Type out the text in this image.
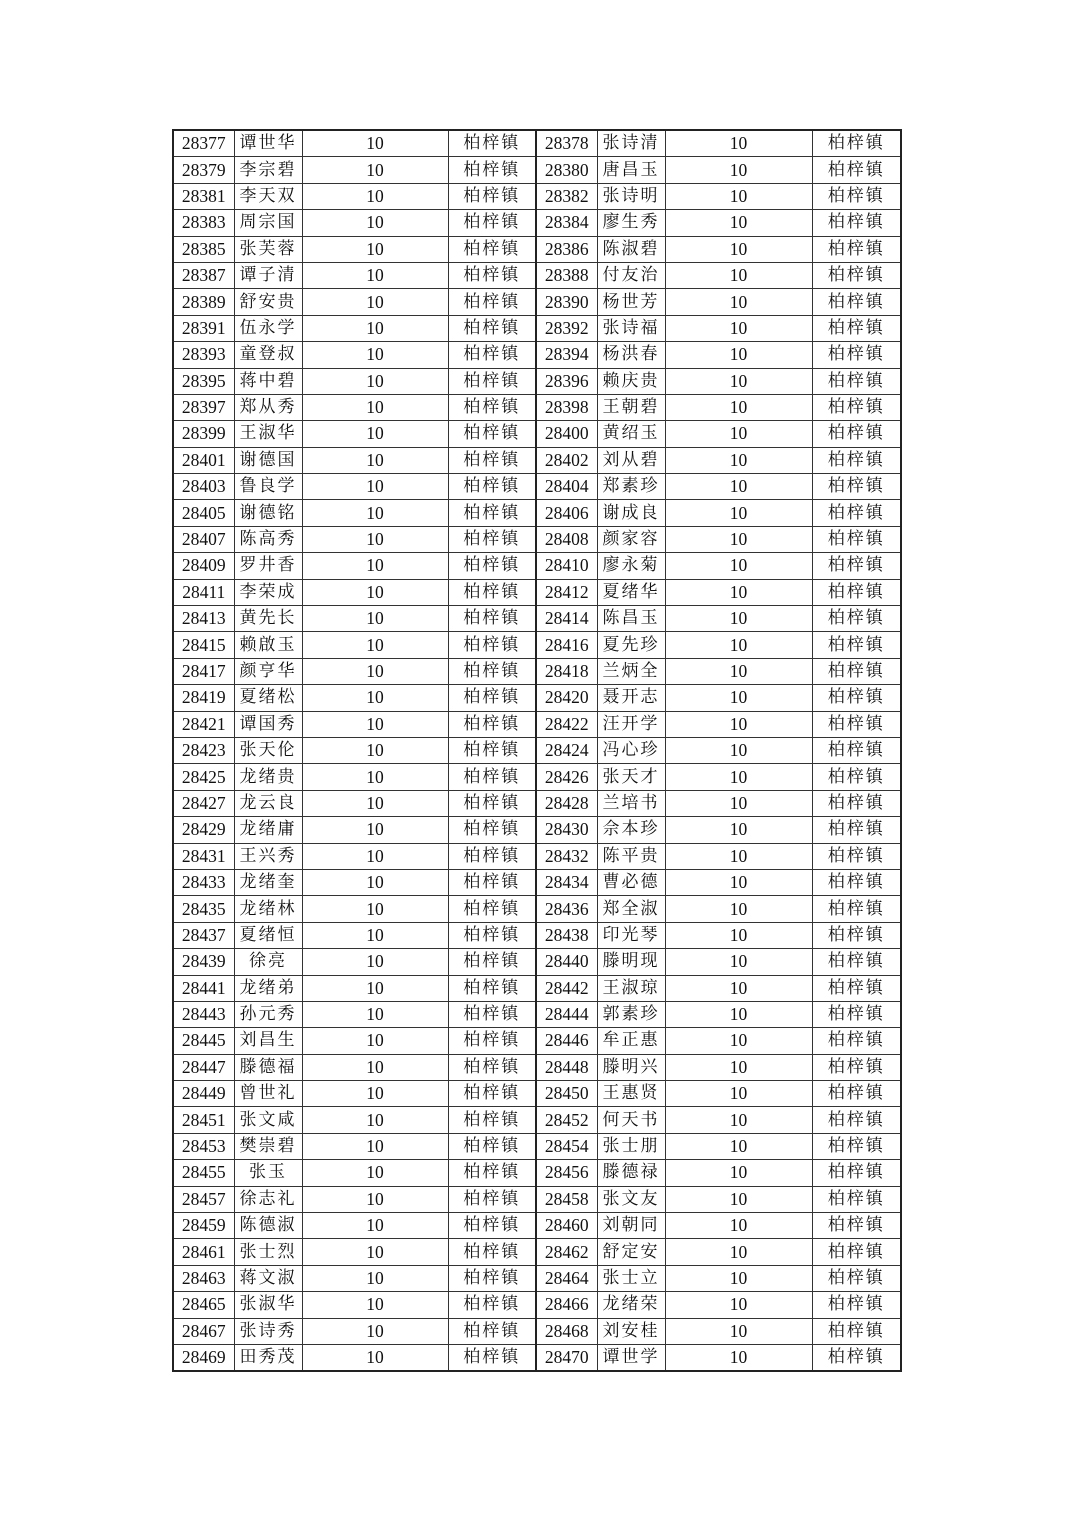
28377	谭世华	10	柏梓镇	28378	张诗清	10	柏梓镇
28379	李宗碧	10	柏梓镇	28380	唐昌玉	10	柏梓镇
28381	李天双	10	柏梓镇	28382	张诗明	10	柏梓镇
28383	周宗国	10	柏梓镇	28384	廖生秀	10	柏梓镇
28385	张芙蓉	10	柏梓镇	28386	陈淑碧	10	柏梓镇
28387	谭子清	10	柏梓镇	28388	付友治	10	柏梓镇
28389	舒安贵	10	柏梓镇	28390	杨世芳	10	柏梓镇
28391	伍永学	10	柏梓镇	28392	张诗福	10	柏梓镇
28393	童登叔	10	柏梓镇	28394	杨洪春	10	柏梓镇
28395	蒋中碧	10	柏梓镇	28396	赖庆贵	10	柏梓镇
28397	郑从秀	10	柏梓镇	28398	王朝碧	10	柏梓镇
28399	王淑华	10	柏梓镇	28400	黄绍玉	10	柏梓镇
28401	谢德国	10	柏梓镇	28402	刘从碧	10	柏梓镇
28403	鲁良学	10	柏梓镇	28404	郑素珍	10	柏梓镇
28405	谢德铭	10	柏梓镇	28406	谢成良	10	柏梓镇
28407	陈高秀	10	柏梓镇	28408	颜家容	10	柏梓镇
28409	罗井香	10	柏梓镇	28410	廖永菊	10	柏梓镇
28411	李荣成	10	柏梓镇	28412	夏绪华	10	柏梓镇
28413	黄先长	10	柏梓镇	28414	陈昌玉	10	柏梓镇
28415	赖啟玉	10	柏梓镇	28416	夏先珍	10	柏梓镇
28417	颜亨华	10	柏梓镇	28418	兰炳全	10	柏梓镇
28419	夏绪松	10	柏梓镇	28420	聂开志	10	柏梓镇
28421	谭国秀	10	柏梓镇	28422	汪开学	10	柏梓镇
28423	张天伦	10	柏梓镇	28424	冯心珍	10	柏梓镇
28425	龙绪贵	10	柏梓镇	28426	张天才	10	柏梓镇
28427	龙云良	10	柏梓镇	28428	兰培书	10	柏梓镇
28429	龙绪庸	10	柏梓镇	28430	佘本珍	10	柏梓镇
28431	王兴秀	10	柏梓镇	28432	陈平贵	10	柏梓镇
28433	龙绪奎	10	柏梓镇	28434	曹必德	10	柏梓镇
28435	龙绪林	10	柏梓镇	28436	郑全淑	10	柏梓镇
28437	夏绪恒	10	柏梓镇	28438	印光琴	10	柏梓镇
28439	徐亮	10	柏梓镇	28440	滕明现	10	柏梓镇
28441	龙绪弟	10	柏梓镇	28442	王淑琼	10	柏梓镇
28443	孙元秀	10	柏梓镇	28444	郭素珍	10	柏梓镇
28445	刘昌生	10	柏梓镇	28446	牟正惠	10	柏梓镇
28447	滕德福	10	柏梓镇	28448	滕明兴	10	柏梓镇
28449	曾世礼	10	柏梓镇	28450	王惠贤	10	柏梓镇
28451	张文咸	10	柏梓镇	28452	何天书	10	柏梓镇
28453	樊崇碧	10	柏梓镇	28454	张士朋	10	柏梓镇
28455	张玉	10	柏梓镇	28456	滕德禄	10	柏梓镇
28457	徐志礼	10	柏梓镇	28458	张文友	10	柏梓镇
28459	陈德淑	10	柏梓镇	28460	刘朝同	10	柏梓镇
28461	张士烈	10	柏梓镇	28462	舒定安	10	柏梓镇
28463	蒋文淑	10	柏梓镇	28464	张士立	10	柏梓镇
28465	张淑华	10	柏梓镇	28466	龙绪荣	10	柏梓镇
28467	张诗秀	10	柏梓镇	28468	刘安桂	10	柏梓镇
28469	田秀茂	10	柏梓镇	28470	谭世学	10	柏梓镇
